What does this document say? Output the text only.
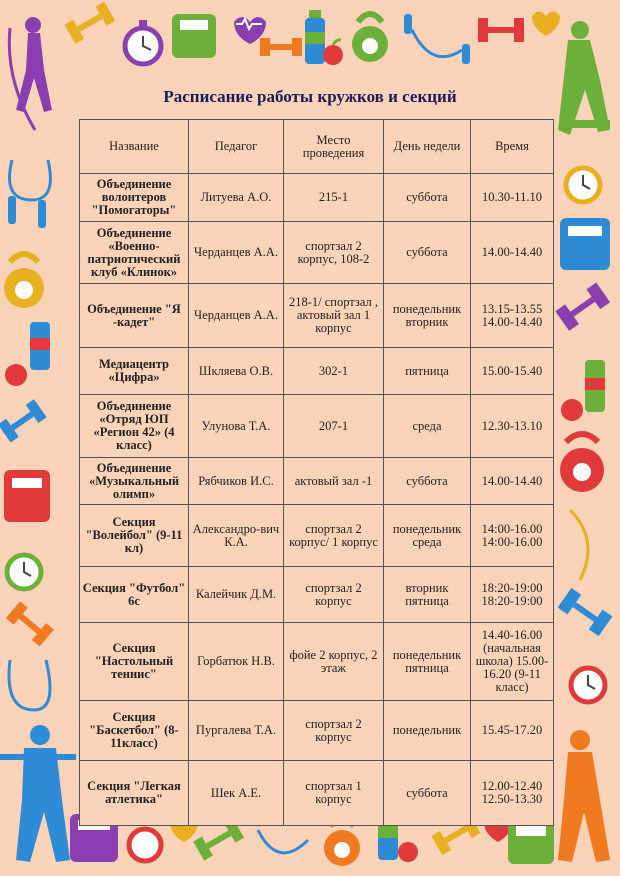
Расписание работы кружков и секций
Название	Педагог	Место проведения	День недели	Время
Объединение волонтеров "Помогаторы"	Литуева А.О.	215-1	суббота	10.30-11.10
Объединение «Военно-патриотический клуб «Клинок»	Черданцев А.А.	спортзал 2 корпус, 108-2	суббота	14.00-14.40
Объединение "Я -кадет"	Черданцев А.А.	218-1/ спортзал , актовый зал 1 корпус	понедельник вторник	13.15-13.55 14.00-14.40
Медиацентр «Цифра»	Шкляева О.В.	302-1	пятница	15.00-15.40
Объединение «Отряд ЮП «Регион 42» (4 класс)	Улунова Т.А.	207-1	среда	12.30-13.10
Объединение «Музыкальный олимп»	Рябчиков И.С.	актовый зал -1	суббота	14.00-14.40
Секция "Волейбол" (9-11 кл)	Александро-вич К.А.	спортзал 2 корпус/ 1 корпус	понедельник среда	14:00-16.00 14:00-16.00
Секция "Футбол" 6с	Калейчик Д.М.	спортзал 2 корпус	вторник пятница	18:20-19:00 18:20-19:00
Секция "Настольный теннис"	Горбатюк Н.В.	фойе 2 корпус, 2 этаж	понедельник пятница	14.40-16.00 (начальная школа) 15.00-16.20 (9-11 класс)
Секция "Баскетбол" (8-11класс)	Пургалева Т.А.	спортзал 2 корпус	понедельник	15.45-17.20
Секция "Легкая атлетика"	Шек А.Е.	спортзал 1 корпус	суббота	12.00-12.40 12.50-13.30
